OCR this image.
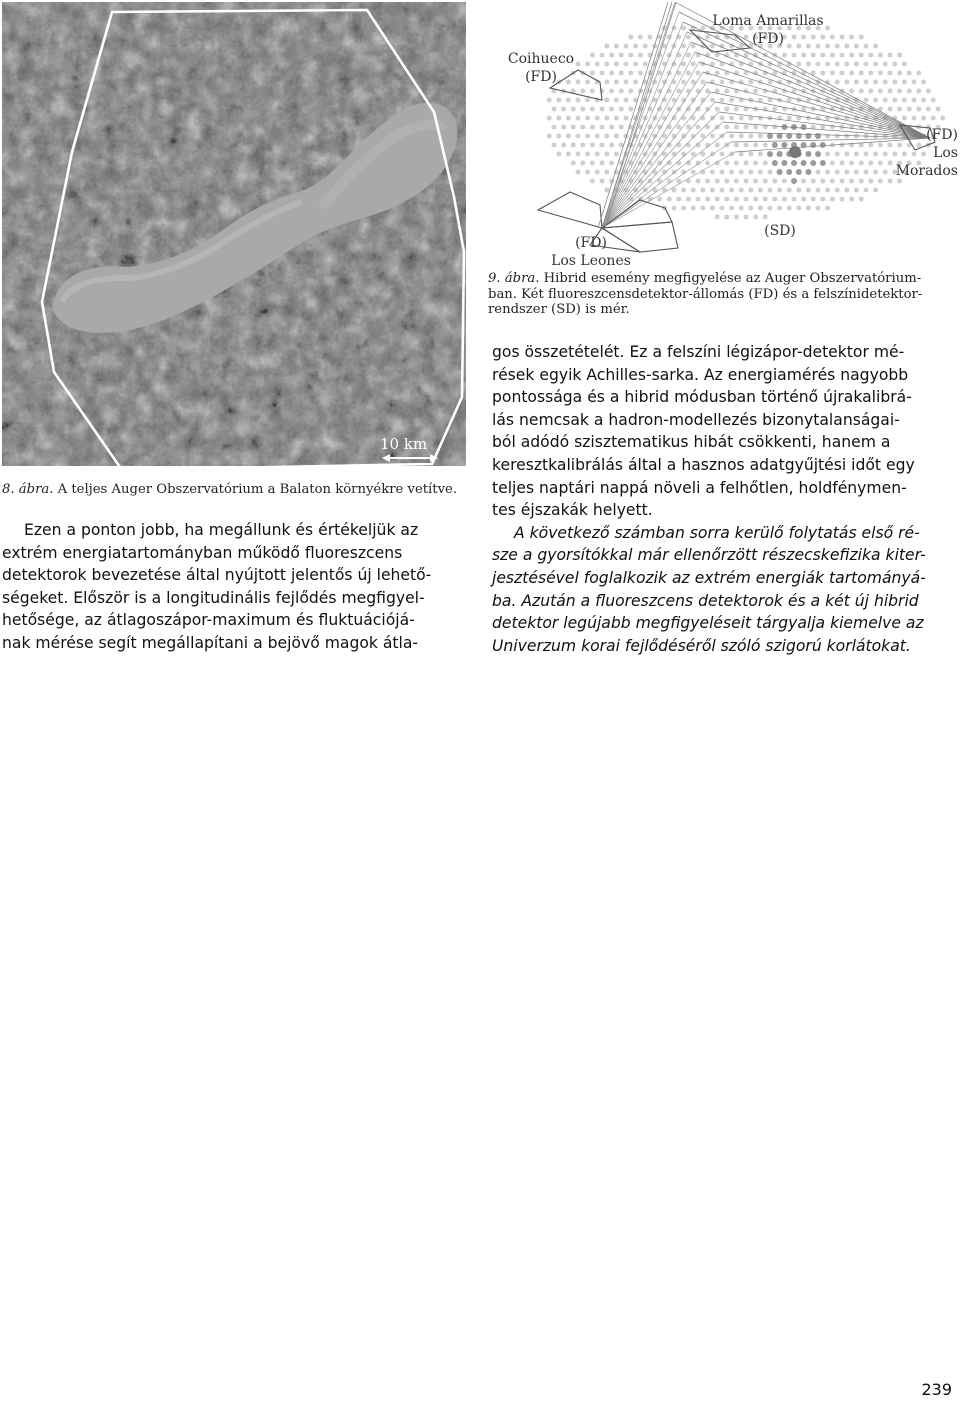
10 km
8. ábra. A teljes Auger Obszervatórium a Balaton környékre vetítve.
Coihueco
(FD)
Loma Amarillas
(FD)
(FD)
Los
Morados
(SD)
(FD)
Los Leones
9. ábra. Hibrid esemény megfigyelése az Auger Obszervatórium-
ban. Két fluoreszcensdetektor-állomás (FD) és a felszínidetektor-
rendszer (SD) is mér.
Ezen a ponton jobb, ha megállunk és értékeljük az
extrém energiatartományban működő fluoreszcens
detektorok bevezetése által nyújtott jelentős új lehető-
ségeket. Először is a longitudinális fejlődés megfigyel-
hetősége, az átlagoszápor-maximum és fluktuációjá-
nak mérése segít megállapítani a bejövő magok átla-
gos összetételét. Ez a felszíni légizápor-detektor mé-
rések egyik Achilles-sarka. Az energiamérés nagyobb
pontossága és a hibrid módusban történő újrakalibrá-
lás nemcsak a hadron-modellezés bizonytalanságai-
ból adódó szisztematikus hibát csökkenti, hanem a
keresztkalibrálás által a hasznos adatgyűjtési időt egy
teljes naptári nappá növeli a felhőtlen, holdfénymen-
tes éjszakák helyett.
A következő számban sorra kerülő folytatás első ré-
sze a gyorsítókkal már ellenőrzött részecskefizika kiter-
jesztésével foglalkozik az extrém energiák tartományá-
ba. Azután a fluoreszcens detektorok és a két új hibrid
detektor legújabb megfigyeléseit tárgyalja kiemelve az
Univerzum korai fejlődéséről szóló szigorú korlátokat.
239
